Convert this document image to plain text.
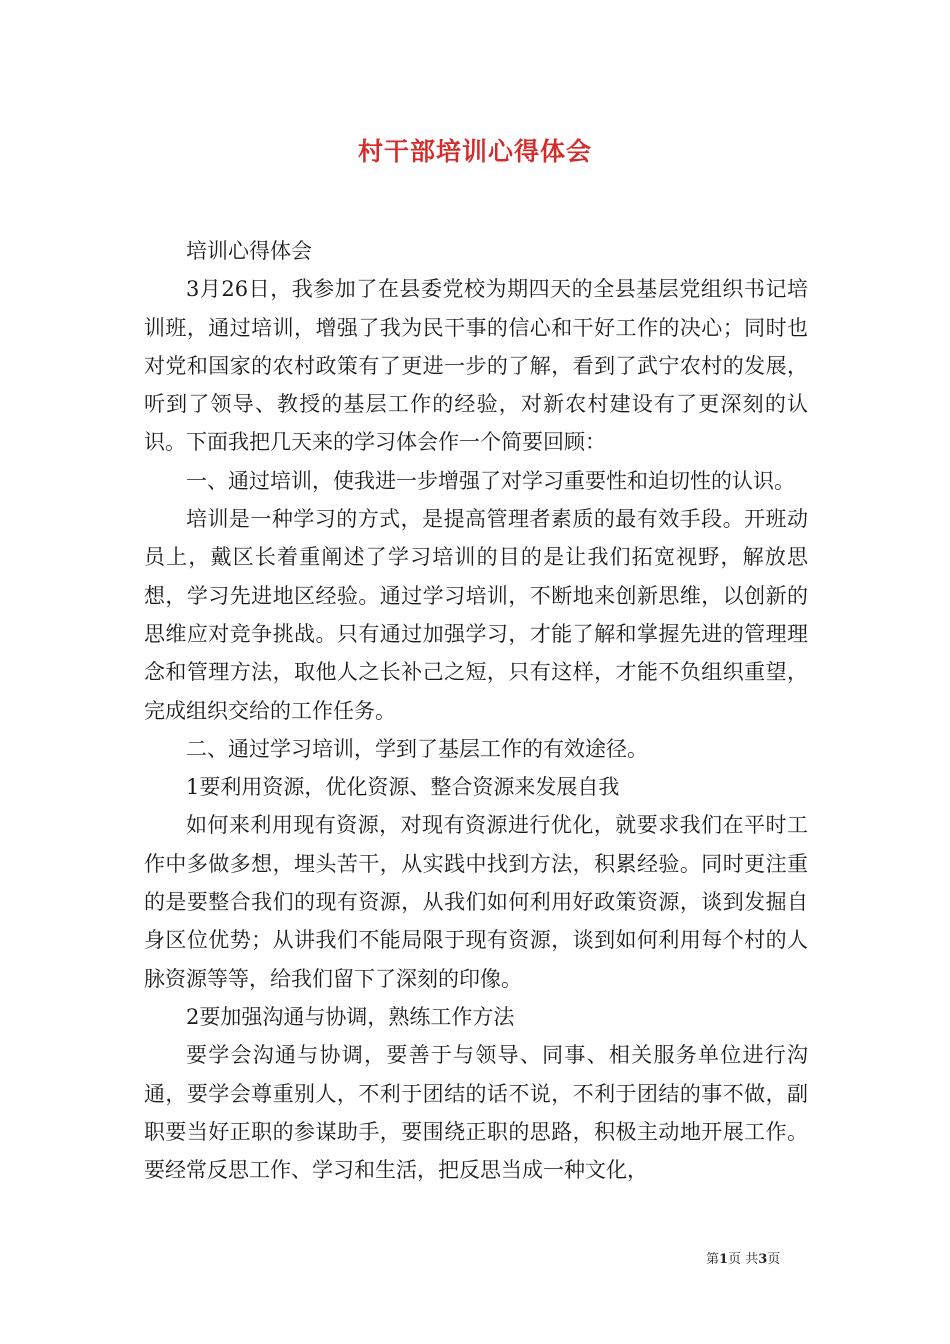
村干部培训心得体会

培训心得体会

3月26日，我参加了在县委党校为期四天的全县基层党组织书记培训班，通过培训，增强了我为民干事的信心和干好工作的决心；同时也对党和国家的农村政策有了更进一步的了解，看到了武宁农村的发展，听到了领导、教授的基层工作的经验，对新农村建设有了更深刻的认识。下面我把几天来的学习体会作一个简要回顾：

一、通过培训，使我进一步增强了对学习重要性和迫切性的认识。

培训是一种学习的方式，是提高管理者素质的最有效手段。开班动员上，戴区长着重阐述了学习培训的目的是让我们拓宽视野，解放思想，学习先进地区经验。通过学习培训，不断地来创新思维，以创新的思维应对竞争挑战。只有通过加强学习，才能了解和掌握先进的管理理念和管理方法，取他人之长补己之短，只有这样，才能不负组织重望，完成组织交给的工作任务。

二、通过学习培训，学到了基层工作的有效途径。

1要利用资源，优化资源、整合资源来发展自我

如何来利用现有资源，对现有资源进行优化，就要求我们在平时工作中多做多想，埋头苦干，从实践中找到方法，积累经验。同时更注重的是要整合我们的现有资源，从我们如何利用好政策资源，谈到发掘自身区位优势；从讲我们不能局限于现有资源，谈到如何利用每个村的人脉资源等等，给我们留下了深刻的印像。

2要加强沟通与协调，熟练工作方法

要学会沟通与协调，要善于与领导、同事、相关服务单位进行沟通，要学会尊重别人，不利于团结的话不说，不利于团结的事不做，副职要当好正职的参谋助手，要围绕正职的思路，积极主动地开展工作。要经常反思工作、学习和生活，把反思当成一种文化，

第1页 共3页
